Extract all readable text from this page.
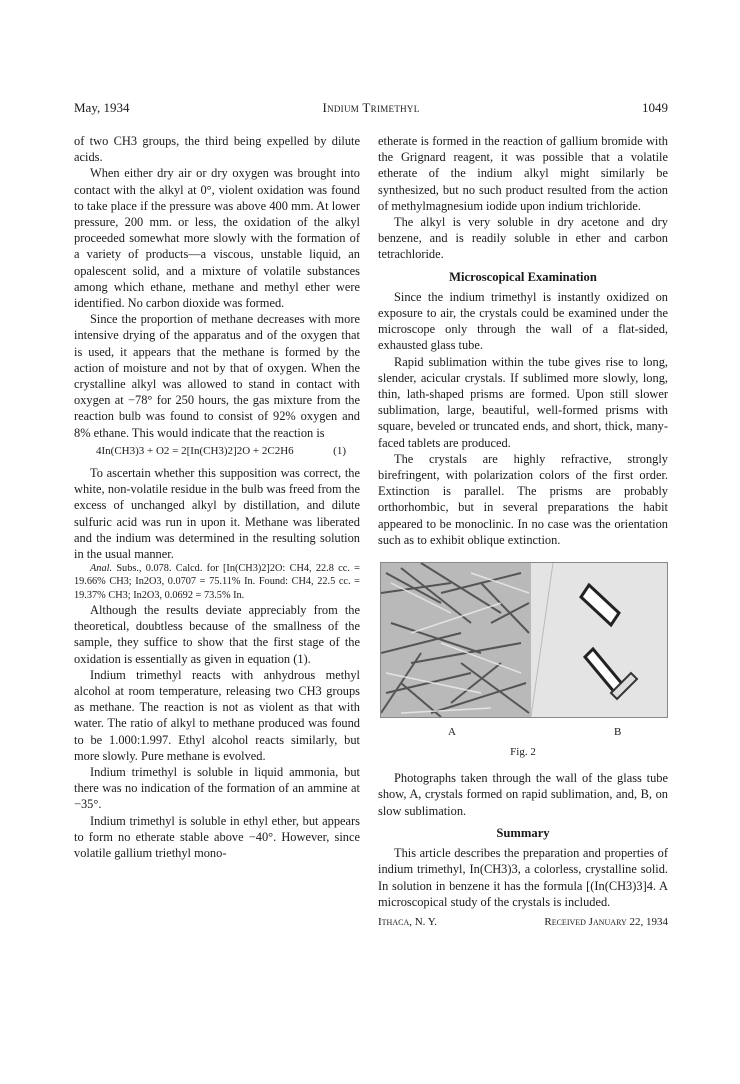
May, 1934	Indium Trimethyl	1049

of two CH3 groups, the third being expelled by dilute acids.

When either dry air or dry oxygen was brought into contact with the alkyl at 0°, violent oxidation was found to take place if the pressure was above 400 mm. At lower pressure, 200 mm. or less, the oxidation of the alkyl proceeded somewhat more slowly with the formation of a variety of products—a viscous, unstable liquid, an opalescent solid, and a mixture of volatile substances among which ethane, methane and methyl ether were identified. No carbon dioxide was formed.

Since the proportion of methane decreases with more intensive drying of the apparatus and of the oxygen that is used, it appears that the methane is formed by the action of moisture and not by that of oxygen. When the crystalline alkyl was allowed to stand in contact with oxygen at −78° for 250 hours, the gas mixture from the reaction bulb was found to consist of 92% oxygen and 8% ethane. This would indicate that the reaction is

4In(CH3)3 + O2 = 2[In(CH3)2]2O + 2C2H6	(1)

To ascertain whether this supposition was correct, the white, non-volatile residue in the bulb was freed from the excess of unchanged alkyl by distillation, and dilute sulfuric acid was run in upon it. Methane was liberated and the indium was determined in the resulting solution in the usual manner.

Anal. Subs., 0.078. Calcd. for [In(CH3)2]2O: CH4, 22.8 cc. = 19.66% CH3; In2O3, 0.0707 = 75.11% In. Found: CH4, 22.5 cc. = 19.37% CH3; In2O3, 0.0692 = 73.5% In.

Although the results deviate appreciably from the theoretical, doubtless because of the smallness of the sample, they suffice to show that the first stage of the oxidation is essentially as given in equation (1).

Indium trimethyl reacts with anhydrous methyl alcohol at room temperature, releasing two CH3 groups as methane. The reaction is not as violent as that with water. The ratio of alkyl to methane produced was found to be 1.000:1.997. Ethyl alcohol reacts similarly, but more slowly. Pure methane is evolved.

Indium trimethyl is soluble in liquid ammonia, but there was no indication of the formation of an ammine at −35°.

Indium trimethyl is soluble in ethyl ether, but appears to form no etherate stable above −40°. However, since volatile gallium triethyl mono-

etherate is formed in the reaction of gallium bromide with the Grignard reagent, it was possible that a volatile etherate of the indium alkyl might similarly be synthesized, but no such product resulted from the action of methylmagnesium iodide upon indium trichloride.

The alkyl is very soluble in dry acetone and dry benzene, and is readily soluble in ether and carbon tetrachloride.

Microscopical Examination

Since the indium trimethyl is instantly oxidized on exposure to air, the crystals could be examined under the microscope only through the wall of a flat-sided, exhausted glass tube.

Rapid sublimation within the tube gives rise to long, slender, acicular crystals. If sublimed more slowly, long, thin, lath-shaped prisms are formed. Upon still slower sublimation, large, beautiful, well-formed prisms with square, beveled or truncated ends, and short, thick, many-faced tablets are produced.

The crystals are highly refractive, strongly birefringent, with polarization colors of the first order. Extinction is parallel. The prisms are probably orthorhombic, but in several preparations the habit appeared to be monoclinic. In no case was the orientation such as to exhibit oblique extinction.

A	B
Fig. 2

Photographs taken through the wall of the glass tube show, A, crystals formed on rapid sublimation, and, B, on slow sublimation.

Summary

This article describes the preparation and properties of indium trimethyl, In(CH3)3, a colorless, crystalline solid. In solution in benzene it has the formula [(In(CH3)3]4. A microscopical study of the crystals is included.

Ithaca, N. Y.	Received January 22, 1934
